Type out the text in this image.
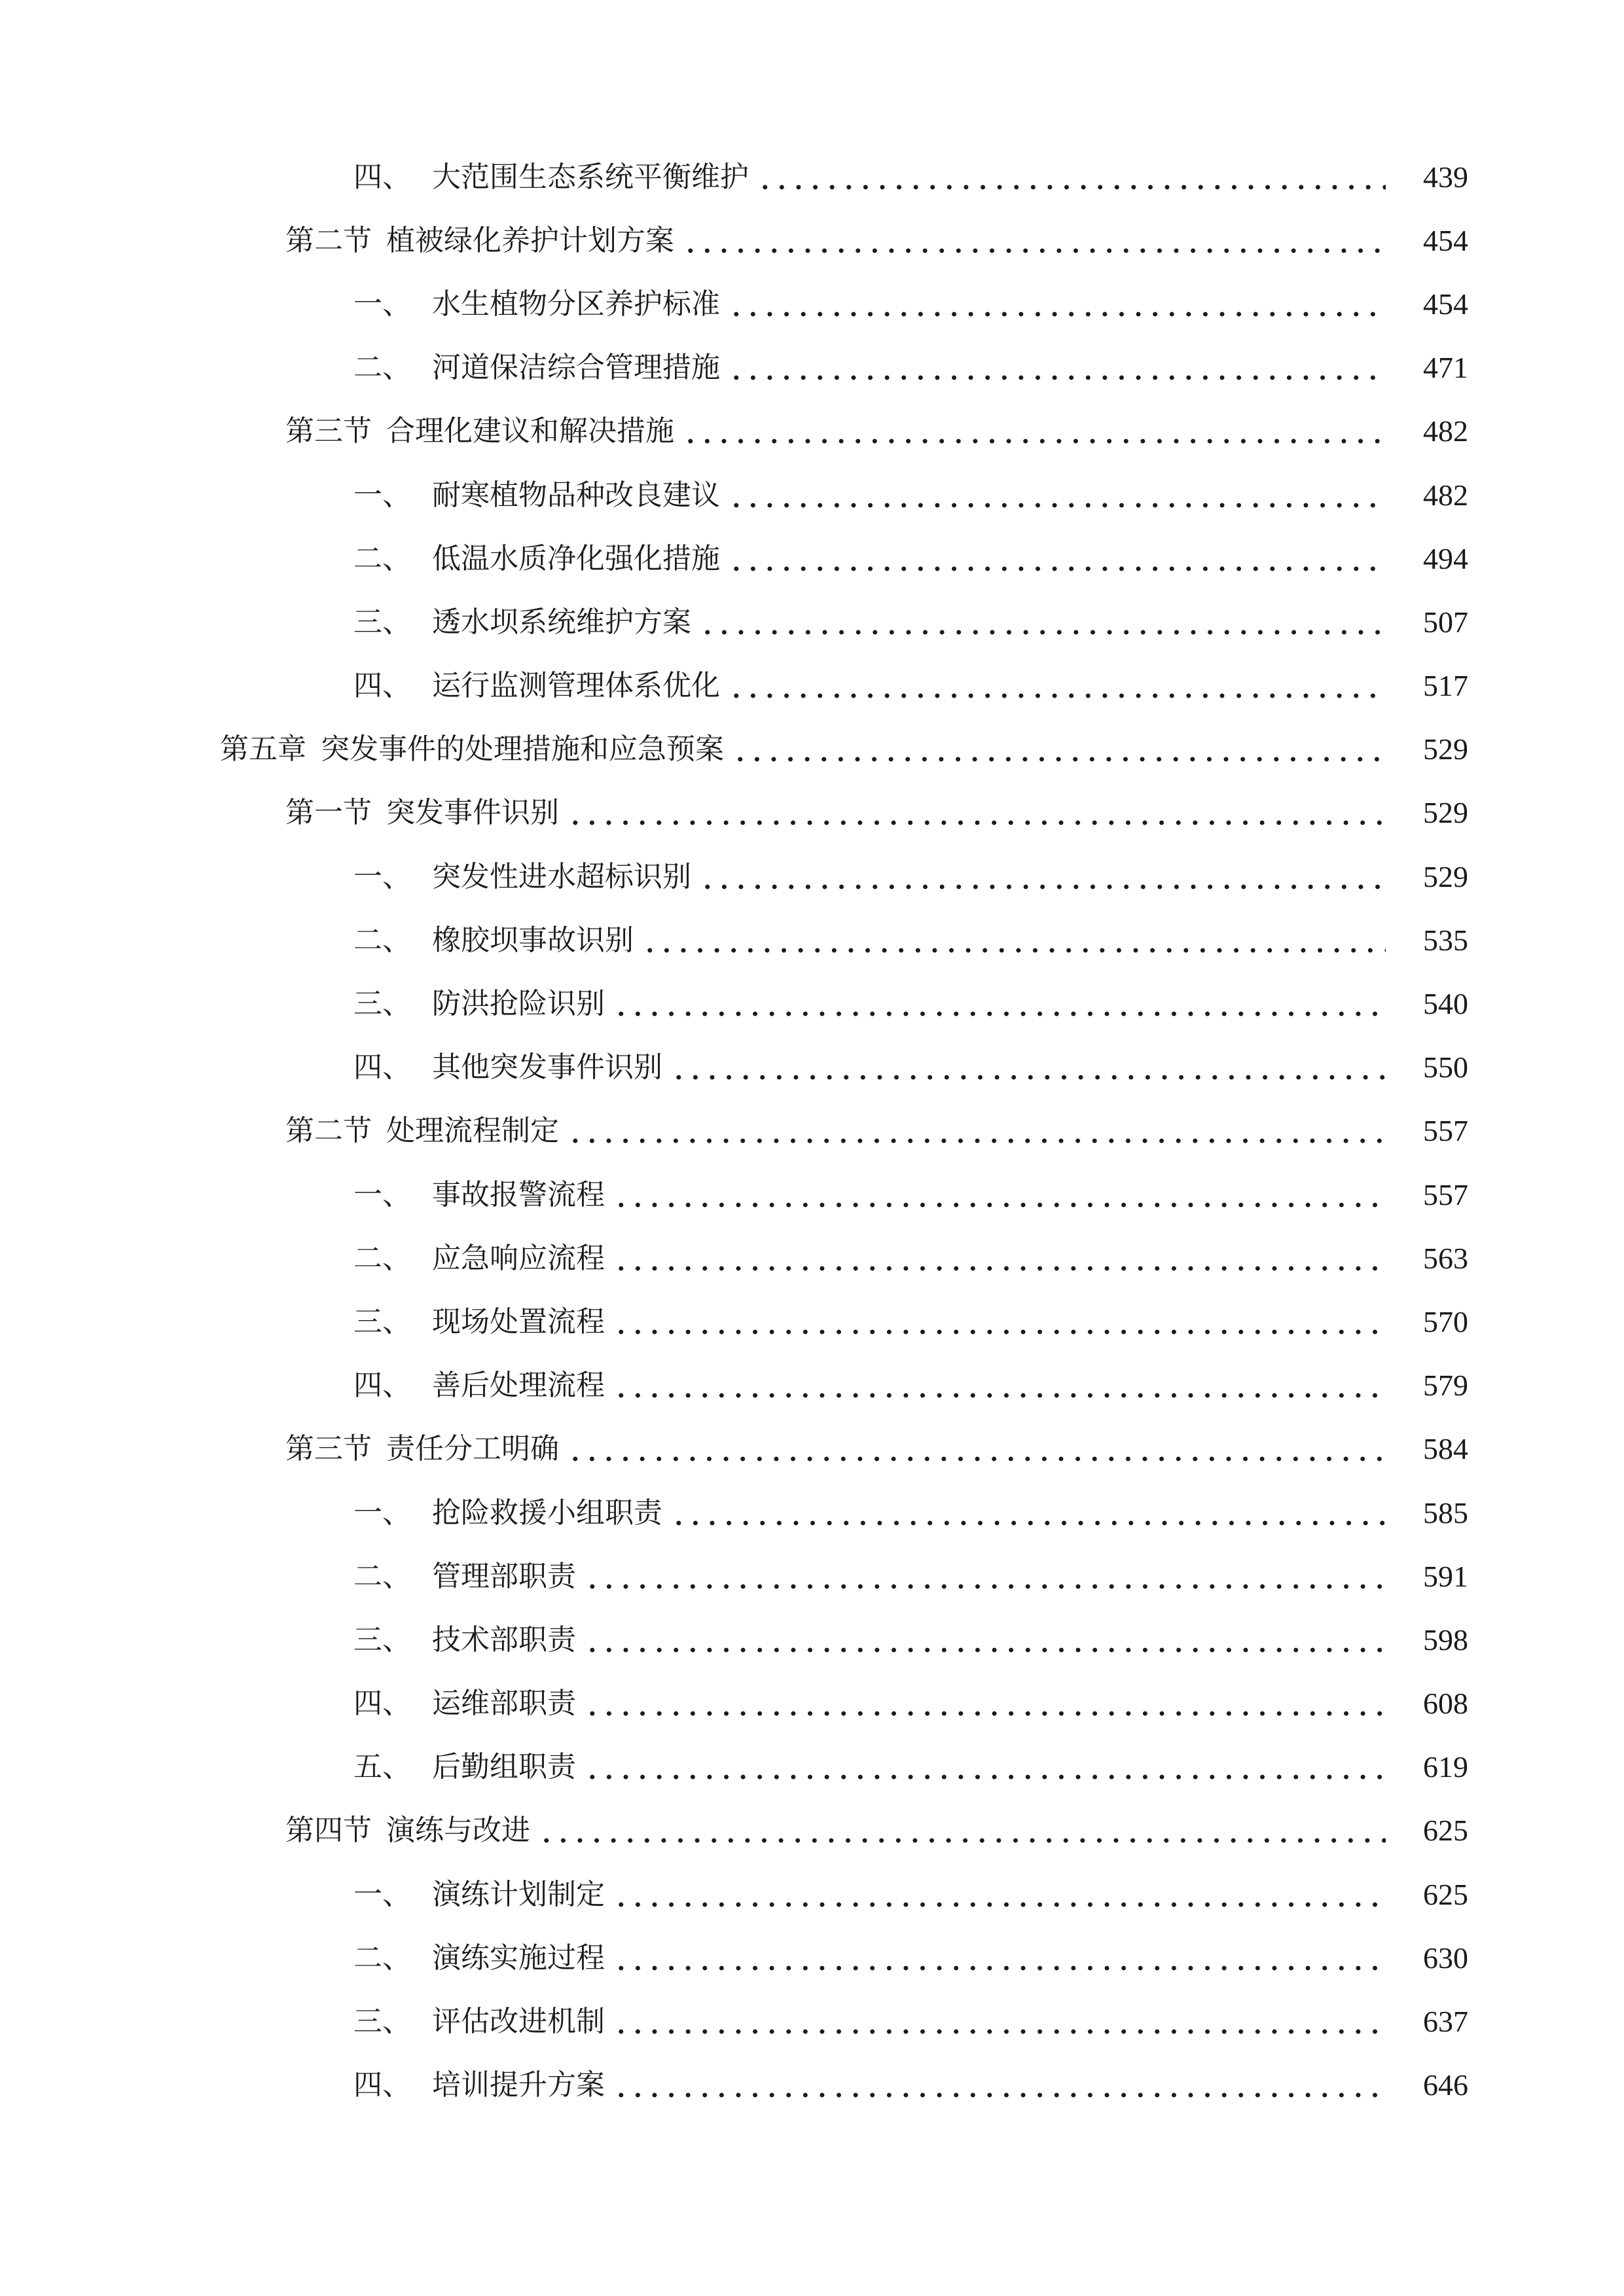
四、 大范围生态系统平衡维护	439
第二节 植被绿化养护计划方案	454
一、 水生植物分区养护标准	454
二、 河道保洁综合管理措施	471
第三节 合理化建议和解决措施	482
一、 耐寒植物品种改良建议	482
二、 低温水质净化强化措施	494
三、 透水坝系统维护方案	507
四、 运行监测管理体系优化	517
第五章 突发事件的处理措施和应急预案	529
第一节 突发事件识别	529
一、 突发性进水超标识别	529
二、 橡胶坝事故识别	535
三、 防洪抢险识别	540
四、 其他突发事件识别	550
第二节 处理流程制定	557
一、 事故报警流程	557
二、 应急响应流程	563
三、 现场处置流程	570
四、 善后处理流程	579
第三节 责任分工明确	584
一、 抢险救援小组职责	585
二、 管理部职责	591
三、 技术部职责	598
四、 运维部职责	608
五、 后勤组职责	619
第四节 演练与改进	625
一、 演练计划制定	625
二、 演练实施过程	630
三、 评估改进机制	637
四、 培训提升方案	646
